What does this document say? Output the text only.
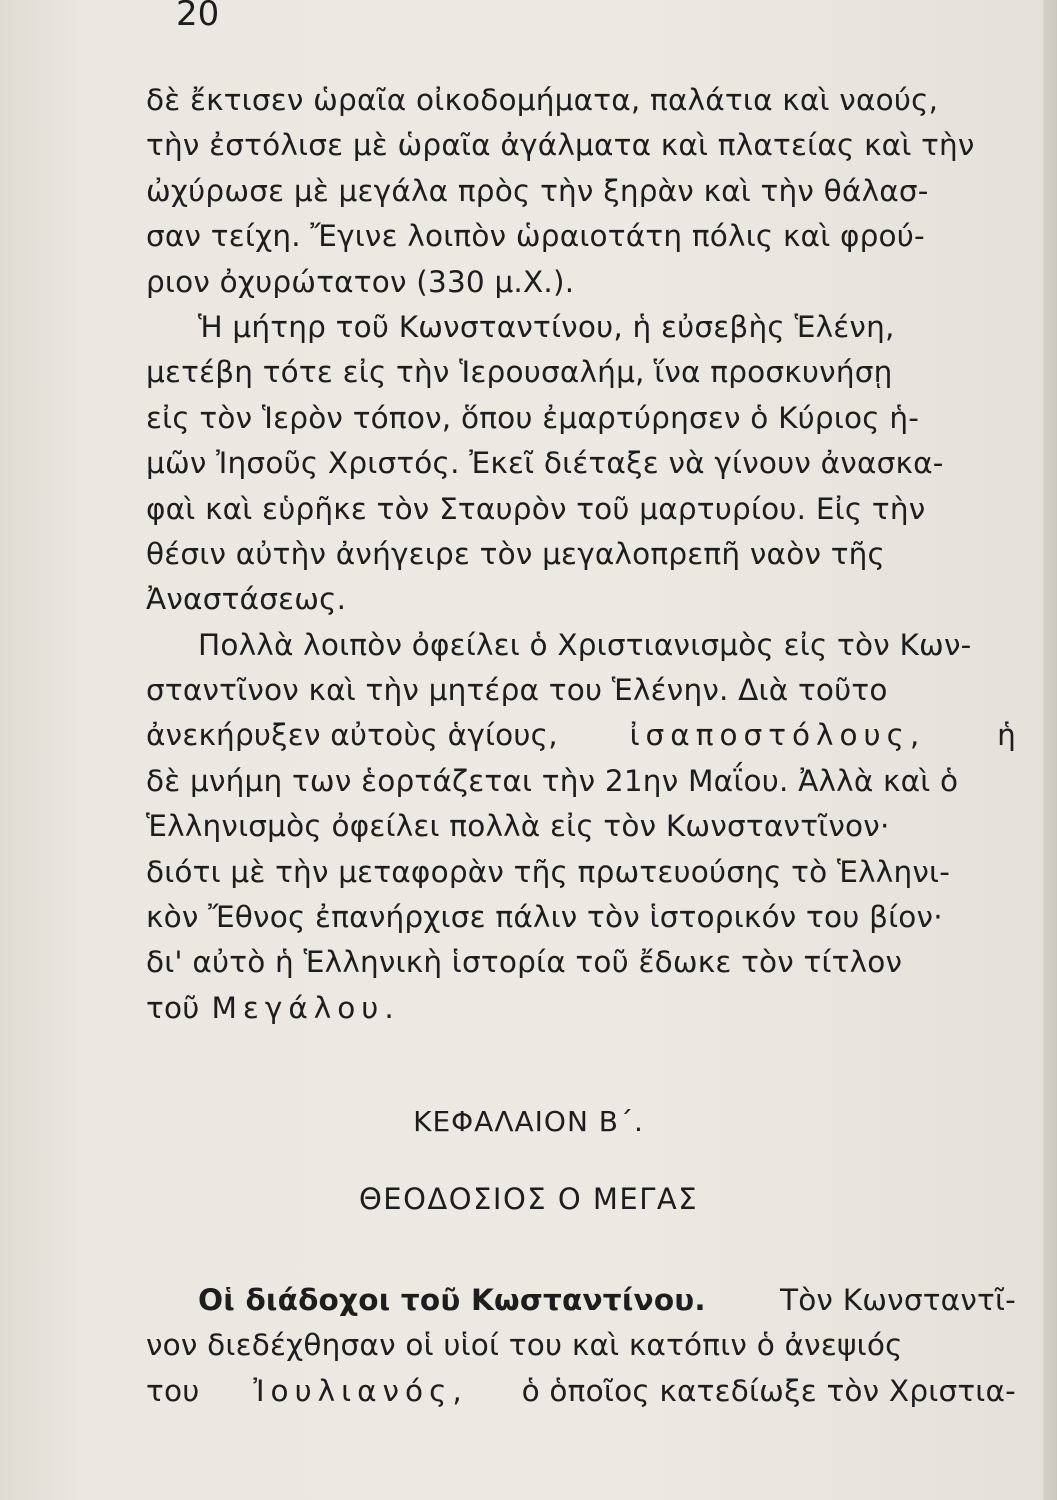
20
δὲ ἔκτισεν ὡραῖα οἰκοδομήματα, παλάτια καὶ ναούς,
τὴν ἐστόλισε μὲ ὡραῖα ἀγάλματα καὶ πλατείας καὶ τὴν
ὠχύρωσε μὲ μεγάλα πρὸς τὴν ξηρὰν καὶ τὴν θάλασ-
σαν τείχη. Ἔγινε λοιπὸν ὡραιοτάτη πόλις καὶ φρού-
ριον ὀχυρώτατον (330 μ.Χ.).
Ἡ μήτηρ τοῦ Κωνσταντίνου, ἡ εὐσεβὴς Ἑλένη,
μετέβη τότε εἰς τὴν Ἱερουσαλήμ, ἵνα προσκυνήσῃ
εἰς τὸν Ἱερὸν τόπον, ὅπου ἐμαρτύρησεν ὁ Κύριος ἡ-
μῶν Ἰησοῦς Χριστός. Ἐκεῖ διέταξε νὰ γίνουν ἀνασκα-
φαὶ καὶ εὑρῆκε τὸν Σταυρὸν τοῦ μαρτυρίου. Εἰς τὴν
θέσιν αὐτὴν ἀνήγειρε τὸν μεγαλοπρεπῆ ναὸν τῆς
Ἀναστάσεως.
Πολλὰ λοιπὸν ὀφείλει ὁ Χριστιανισμὸς εἰς τὸν Κων-
σταντῖνον καὶ τὴν μητέρα του Ἑλένην. Διὰ τοῦτο
ἀνεκήρυξεν αὐτοὺς ἁγίους, ἰσαποστόλους, ἡ
δὲ μνήμη των ἑορτάζεται τὴν 21ην Μαΐου. Ἀλλὰ καὶ ὁ
Ἑλληνισμὸς ὀφείλει πολλὰ εἰς τὸν Κωνσταντῖνον·
διότι μὲ τὴν μεταφορὰν τῆς πρωτευούσης τὸ Ἑλληνι-
κὸν Ἔθνος ἐπανήρχισε πάλιν τὸν ἱστορικόν του βίον·
δι' αὐτὸ ἡ Ἑλληνικὴ ἱστορία τοῦ ἔδωκε τὸν τίτλον
τοῦ Μεγάλου.
ΚΕΦΑΛΑΙΟΝ Β΄.
ΘΕΟΔΟΣΙΟΣ Ο ΜΕΓΑΣ
Οἱ διάδοχοι τοῦ Κωσταντίνου.	Τὸν Κωνσταντῖ-
νον διεδέχθησαν οἱ υἱοί του καὶ κατόπιν ὁ ἀνεψιός
του Ἰουλιανός, ὁ ὁποῖος κατεδίωξε τὸν Χριστια-
